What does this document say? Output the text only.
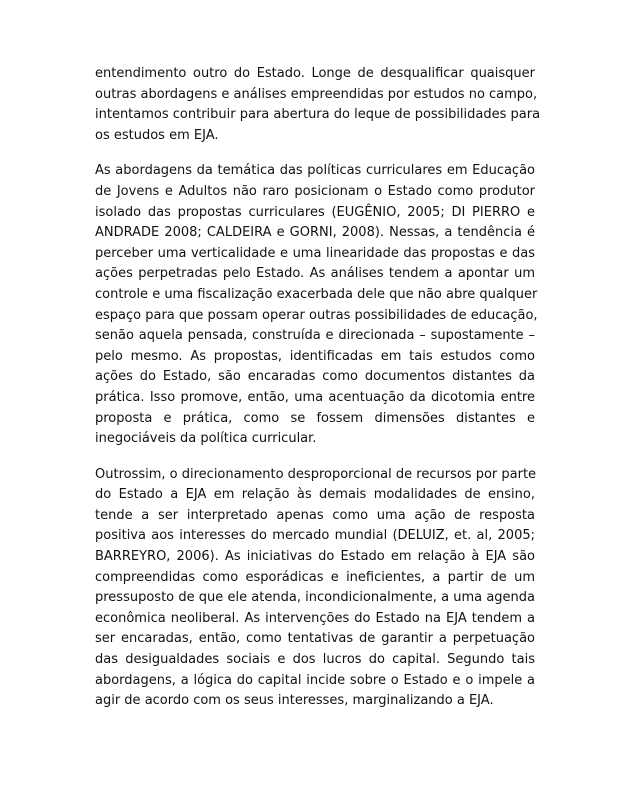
entendimento outro do Estado. Longe de desqualificar quaisquer
outras abordagens e análises empreendidas por estudos no campo,
intentamos contribuir para abertura do leque de possibilidades para
os estudos em EJA.

As abordagens da temática das políticas curriculares em Educação
de Jovens e Adultos não raro posicionam o Estado como produtor
isolado das propostas curriculares (EUGÊNIO, 2005; DI PIERRO e
ANDRADE 2008; CALDEIRA e GORNI, 2008). Nessas, a tendência é
perceber uma verticalidade e uma linearidade das propostas e das
ações perpetradas pelo Estado. As análises tendem a apontar um
controle e uma fiscalização exacerbada dele que não abre qualquer
espaço para que possam operar outras possibilidades de educação,
senão aquela pensada, construída e direcionada – supostamente –
pelo mesmo. As propostas, identificadas em tais estudos como
ações do Estado, são encaradas como documentos distantes da
prática. Isso promove, então, uma acentuação da dicotomia entre
proposta e prática, como se fossem dimensões distantes e
inegociáveis da política curricular.

Outrossim, o direcionamento desproporcional de recursos por parte
do Estado a EJA em relação às demais modalidades de ensino,
tende a ser interpretado apenas como uma ação de resposta
positiva aos interesses do mercado mundial (DELUIZ, et. al, 2005;
BARREYRO, 2006). As iniciativas do Estado em relação à EJA são
compreendidas como esporádicas e ineficientes, a partir de um
pressuposto de que ele atenda, incondicionalmente, a uma agenda
econômica neoliberal. As intervenções do Estado na EJA tendem a
ser encaradas, então, como tentativas de garantir a perpetuação
das desigualdades sociais e dos lucros do capital. Segundo tais
abordagens, a lógica do capital incide sobre o Estado e o impele a
agir de acordo com os seus interesses, marginalizando a EJA.
